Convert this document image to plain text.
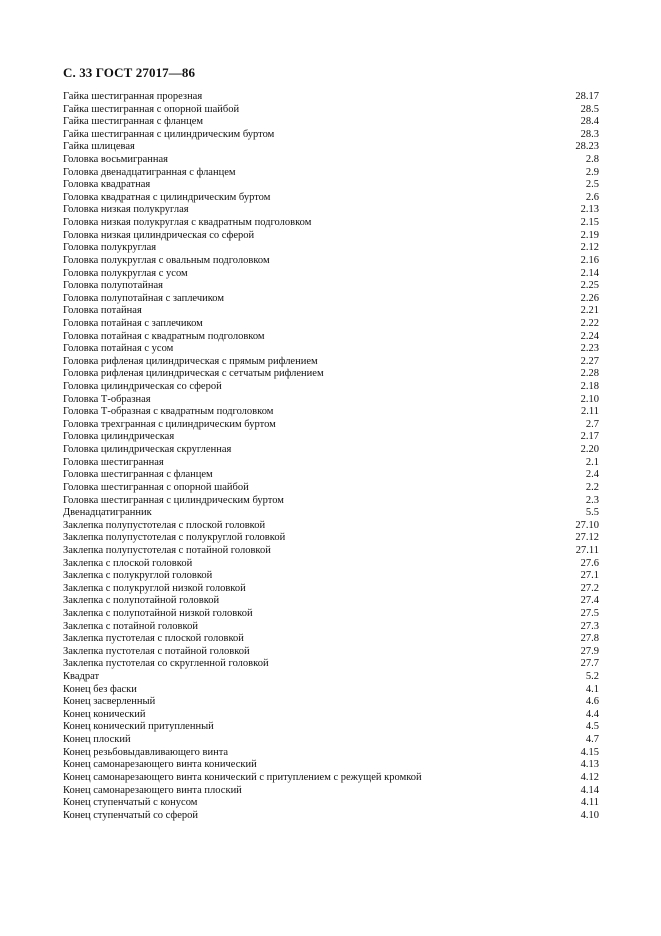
С. 33 ГОСТ 27017—86
Гайка шестигранная прорезная	28.17
Гайка шестигранная с опорной шайбой	28.5
Гайка шестигранная с фланцем	28.4
Гайка шестигранная с цилиндрическим буртом	28.3
Гайка шлицевая	28.23
Головка восьмигранная	2.8
Головка двенадцатигранная с фланцем	2.9
Головка квадратная	2.5
Головка квадратная с цилиндрическим буртом	2.6
Головка низкая полукруглая	2.13
Головка низкая полукруглая с квадратным подголовком	2.15
Головка низкая цилиндрическая со сферой	2.19
Головка полукруглая	2.12
Головка полукруглая с овальным подголовком	2.16
Головка полукруглая с усом	2.14
Головка полупотайная	2.25
Головка полупотайная с заплечиком	2.26
Головка потайная	2.21
Головка потайная с заплечиком	2.22
Головка потайная с квадратным подголовком	2.24
Головка потайная с усом	2.23
Головка рифленая цилиндрическая с прямым рифлением	2.27
Головка рифленая цилиндрическая с сетчатым рифлением	2.28
Головка цилиндрическая со сферой	2.18
Головка Т-образная	2.10
Головка Т-образная с квадратным подголовком	2.11
Головка трехгранная с цилиндрическим буртом	2.7
Головка цилиндрическая	2.17
Головка цилиндрическая скругленная	2.20
Головка шестигранная	2.1
Головка шестигранная с фланцем	2.4
Головка шестигранная с опорной шайбой	2.2
Головка шестигранная с цилиндрическим буртом	2.3
Двенадцатигранник	5.5
Заклепка полупустотелая с плоской головкой	27.10
Заклепка полупустотелая с полукруглой головкой	27.12
Заклепка полупустотелая с потайной головкой	27.11
Заклепка с плоской головкой	27.6
Заклепка с полукруглой головкой	27.1
Заклепка с полукруглой низкой головкой	27.2
Заклепка с полупотайной головкой	27.4
Заклепка с полупотайной низкой головкой	27.5
Заклепка с потайной головкой	27.3
Заклепка пустотелая с плоской головкой	27.8
Заклепка пустотелая с потайной головкой	27.9
Заклепка пустотелая со скругленной головкой	27.7
Квадрат	5.2
Конец без фаски	4.1
Конец засверленный	4.6
Конец конический	4.4
Конец конический притупленный	4.5
Конец плоский	4.7
Конец резьбовыдавливающего винта	4.15
Конец самонарезающего винта конический	4.13
Конец самонарезающего винта конический с притуплением с режущей кромкой	4.12
Конец самонарезающего винта плоский	4.14
Конец ступенчатый с конусом	4.11
Конец ступенчатый со сферой	4.10
